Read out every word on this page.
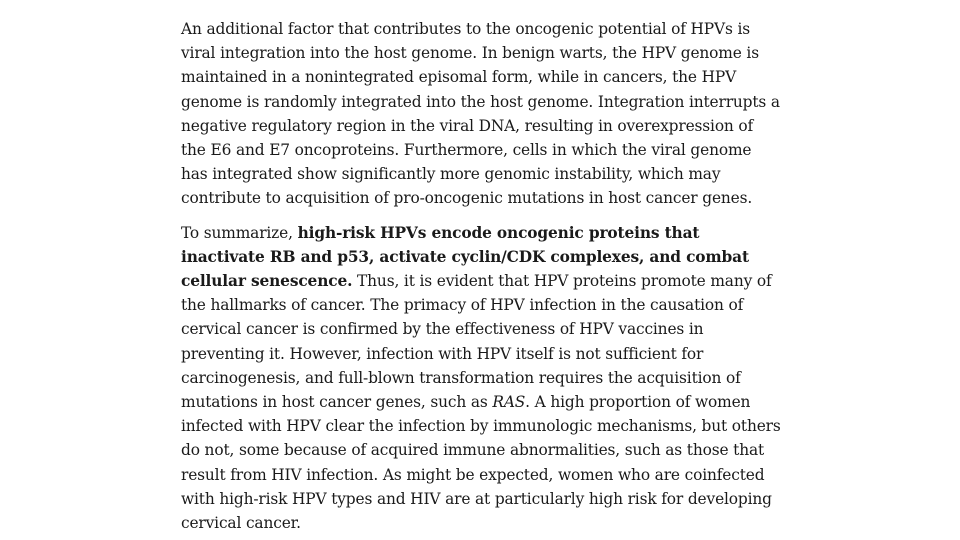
An additional factor that contributes to the oncogenic potential of HPVs is viral integration into the host genome. In benign warts, the HPV genome is maintained in a nonintegrated episomal form, while in cancers, the HPV genome is randomly integrated into the host genome. Integration interrupts a negative regulatory region in the viral DNA, resulting in overexpression of the E6 and E7 oncoproteins. Furthermore, cells in which the viral genome has integrated show significantly more genomic instability, which may contribute to acquisition of pro-oncogenic mutations in host cancer genes.

To summarize, high-risk HPVs encode oncogenic proteins that inactivate RB and p53, activate cyclin/CDK complexes, and combat cellular senescence. Thus, it is evident that HPV proteins promote many of the hallmarks of cancer. The primacy of HPV infection in the causation of cervical cancer is confirmed by the effectiveness of HPV vaccines in preventing it. However, infection with HPV itself is not sufficient for carcinogenesis, and full-blown transformation requires the acquisition of mutations in host cancer genes, such as RAS. A high proportion of women infected with HPV clear the infection by immunologic mechanisms, but others do not, some because of acquired immune abnormalities, such as those that result from HIV infection. As might be expected, women who are coinfected with high-risk HPV types and HIV are at particularly high risk for developing cervical cancer.
